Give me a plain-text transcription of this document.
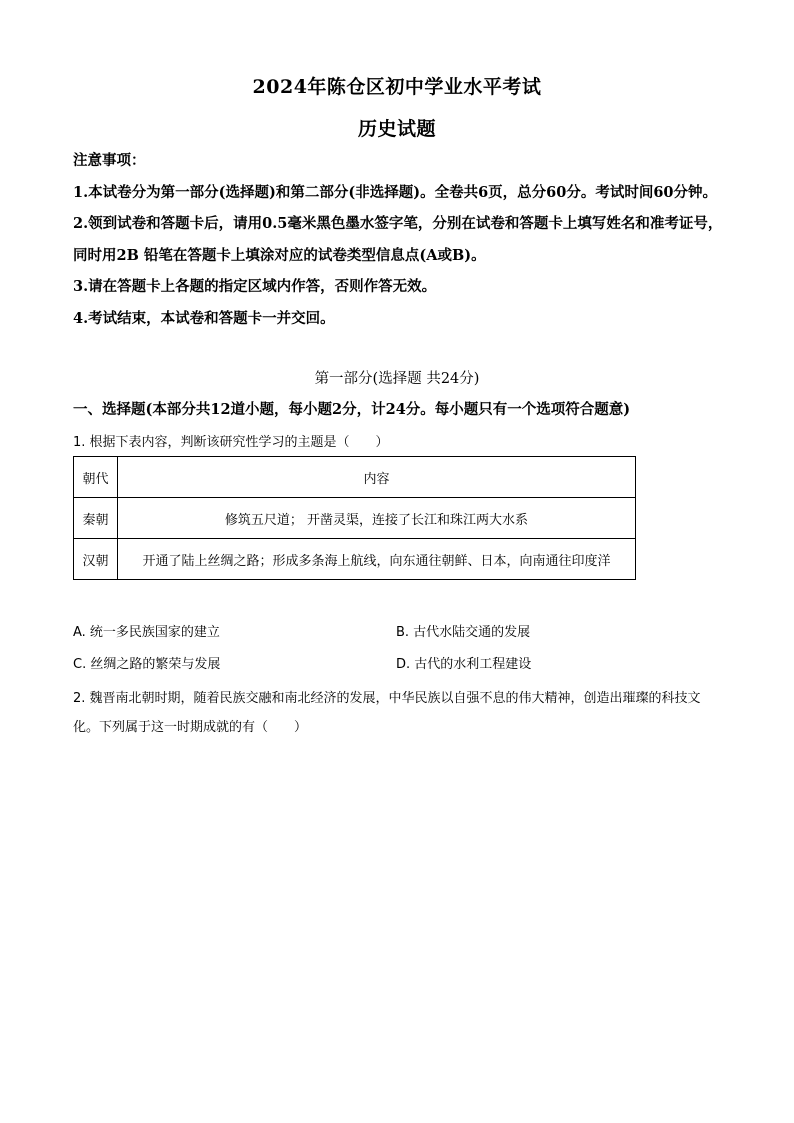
2024年陈仓区初中学业水平考试
历史试题

注意事项：

1.本试卷分为第一部分(选择题)和第二部分(非选择题)。全卷共6页，总分60分。考试时间60分钟。

2.领到试卷和答题卡后，请用0.5毫米黑色墨水签字笔，分别在试卷和答题卡上填写姓名和准考证号，同时用2B 铅笔在答题卡上填涂对应的试卷类型信息点(A或B)。

3.请在答题卡上各题的指定区域内作答，否则作答无效。

4.考试结束，本试卷和答题卡一并交回。

第一部分(选择题 共24分)
一、选择题(本部分共12道小题，每小题2分，计24分。每小题只有一个选项符合题意)
1. 根据下表内容，判断该研究性学习的主题是（　　）
朝代	内容
秦朝	修筑五尺道； 开凿灵渠，连接了长江和珠江两大水系
汉朝	开通了陆上丝绸之路；形成多条海上航线，向东通往朝鲜、日本，向南通往印度洋
A. 统一多民族国家的建立	B. 古代水陆交通的发展
C. 丝绸之路的繁荣与发展	D. 古代的水利工程建设

2. 魏晋南北朝时期，随着民族交融和南北经济的发展，中华民族以自强不息的伟大精神，创造出璀璨的科技文化。下列属于这一时期成就的有（　　）
